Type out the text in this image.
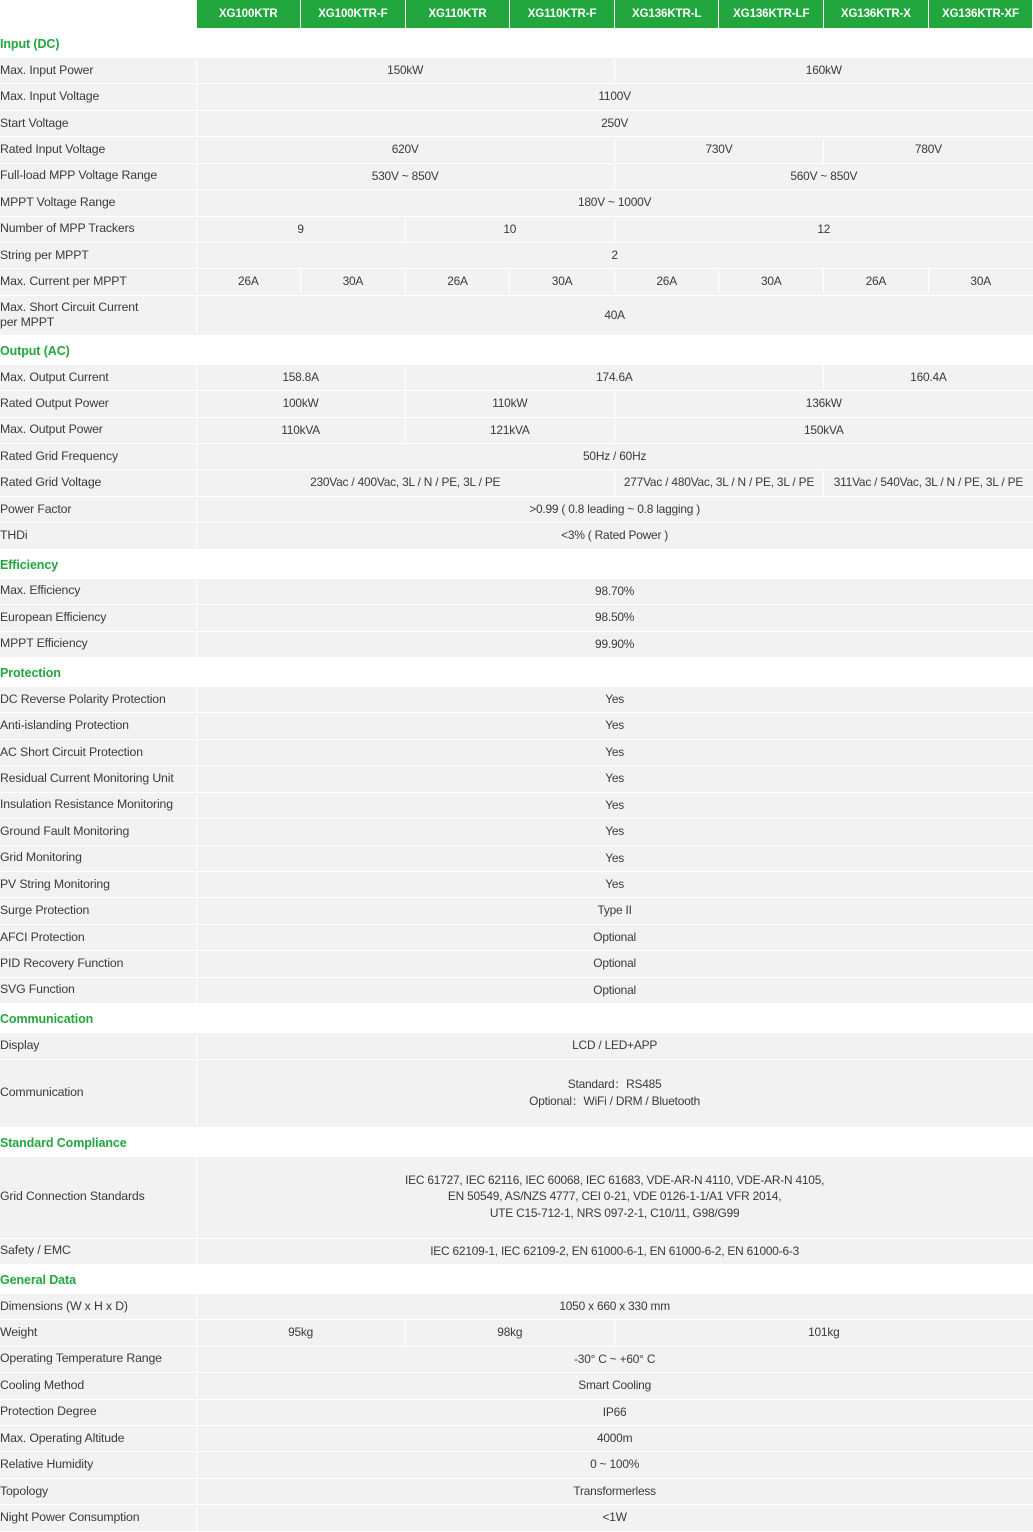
	XG100KTR	XG100KTR-F	XG110KTR	XG110KTR-F	XG136KTR-L	XG136KTR-LF	XG136KTR-X	XG136KTR-XF
Input (DC)								
Max. Input Power	150kW				160kW			
Max. Input Voltage	1100V							
Start Voltage	250V							
Rated Input Voltage	620V				730V		780V	
Full-load MPP Voltage Range	530V ~ 850V				560V ~ 850V			
MPPT Voltage Range	180V ~ 1000V							
Number of MPP Trackers	9		10		12			
String per MPPT	2							
Max. Current per MPPT	26A	30A	26A	30A	26A	30A	26A	30A

Max. Short Circuit Current
per MPPT	40A							
Output (AC)								
Max. Output Current	158.8A		174.6A				160.4A	
Rated Output Power	100kW		110kW		136kW			
Max. Output Power	110kVA		121kVA		150kVA			
Rated Grid Frequency	50Hz / 60Hz							
Rated Grid Voltage	230Vac / 400Vac, 3L / N / PE, 3L / PE				277Vac / 480Vac, 3L / N / PE, 3L / PE		311Vac / 540Vac, 3L / N / PE, 3L / PE	
Power Factor	>0.99 ( 0.8 leading ~ 0.8 lagging )							
THDi	<3% ( Rated Power )							
Efficiency								
Max. Efficiency	98.70%							
European Efficiency	98.50%							
MPPT Efficiency	99.90%							
Protection								
DC Reverse Polarity Protection	Yes							
Anti-islanding Protection	Yes							
AC Short Circuit Protection	Yes							
Residual Current Monitoring Unit	Yes							
Insulation Resistance Monitoring	Yes							
Ground Fault Monitoring	Yes							
Grid Monitoring	Yes							
PV String Monitoring	Yes							
Surge Protection	Type II							
AFCI Protection	Optional							
PID Recovery Function	Optional							
SVG Function	Optional							
Communication								
Display	LCD / LED+APP							
Communication	Standard：RS485
Optional：WiFi / DRM / Bluetooth							

Standard Compliance								
Grid Connection Standards	IEC 61727, IEC 62116, IEC 60068, IEC 61683, VDE-AR-N 4110, VDE-AR-N 4105,
EN 50549, AS/NZS 4777, CEI 0-21, VDE 0126-1-1/A1 VFR 2014,
UTE C15-712-1, NRS 097-2-1, C10/11, G98/G99							

Safety / EMC	IEC 62109-1, IEC 62109-2, EN 61000-6-1, EN 61000-6-2, EN 61000-6-3							
General Data								
Dimensions (W x H x D)	1050 x 660 x 330 mm							
Weight	95kg		98kg		101kg			
Operating Temperature Range	-30° C ~ +60° C							
Cooling Method	Smart Cooling							
Protection Degree	IP66							
Max. Operating Altitude	4000m							
Relative Humidity	0 ~ 100%							
Topology	Transformerless							
Night Power Consumption	<1W							
